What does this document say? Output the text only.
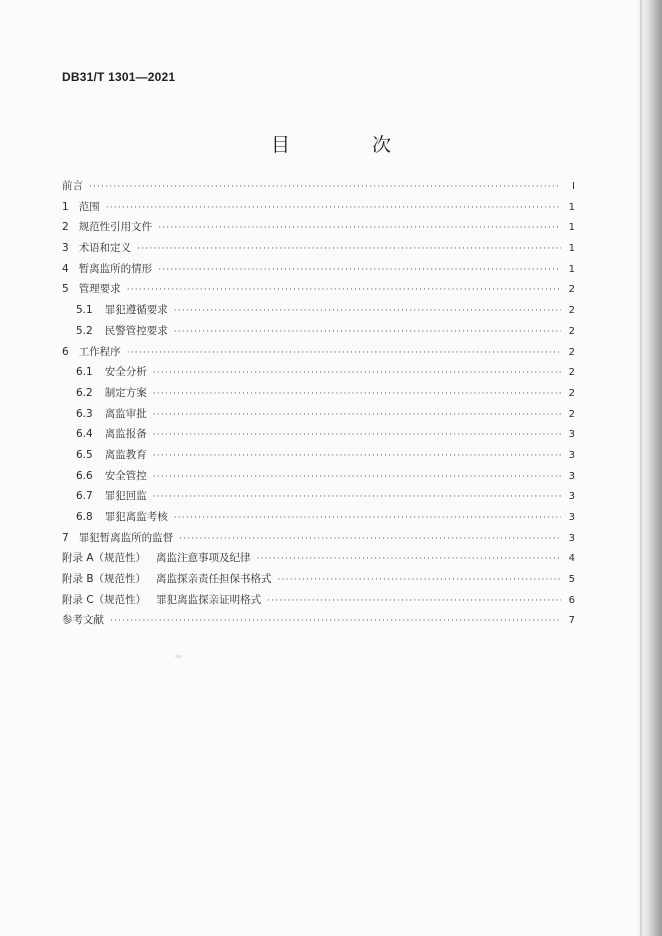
DB31/T 1301—2021
目 次
前言 ·····	Ⅰ
1 范围 ·····	1
2 规范性引用文件 ·····	1
3 术语和定义 ·····	1
4 暂离监所的情形 ·····	1
5 管理要求 ·····	2
5.1 罪犯遵循要求 ·····	2
5.2 民警管控要求 ·····	2
6 工作程序 ·····	2
6.1 安全分析 ·····	2
6.2 制定方案 ·····	2
6.3 离监审批 ·····	2
6.4 离监报备 ·····	3
6.5 离监教育 ·····	3
6.6 安全管控 ·····	3
6.7 罪犯回监 ·····	3
6.8 罪犯离监考核 ·····	3
7 罪犯暂离监所的监督 ·····	3
附录 A（规范性） 离监注意事项及纪律 ·····	4
附录 B（规范性） 离监探亲责任担保书格式 ·····	5
附录 C（规范性） 罪犯离监探亲证明格式 ·····	6
参考文献 ·····	7
